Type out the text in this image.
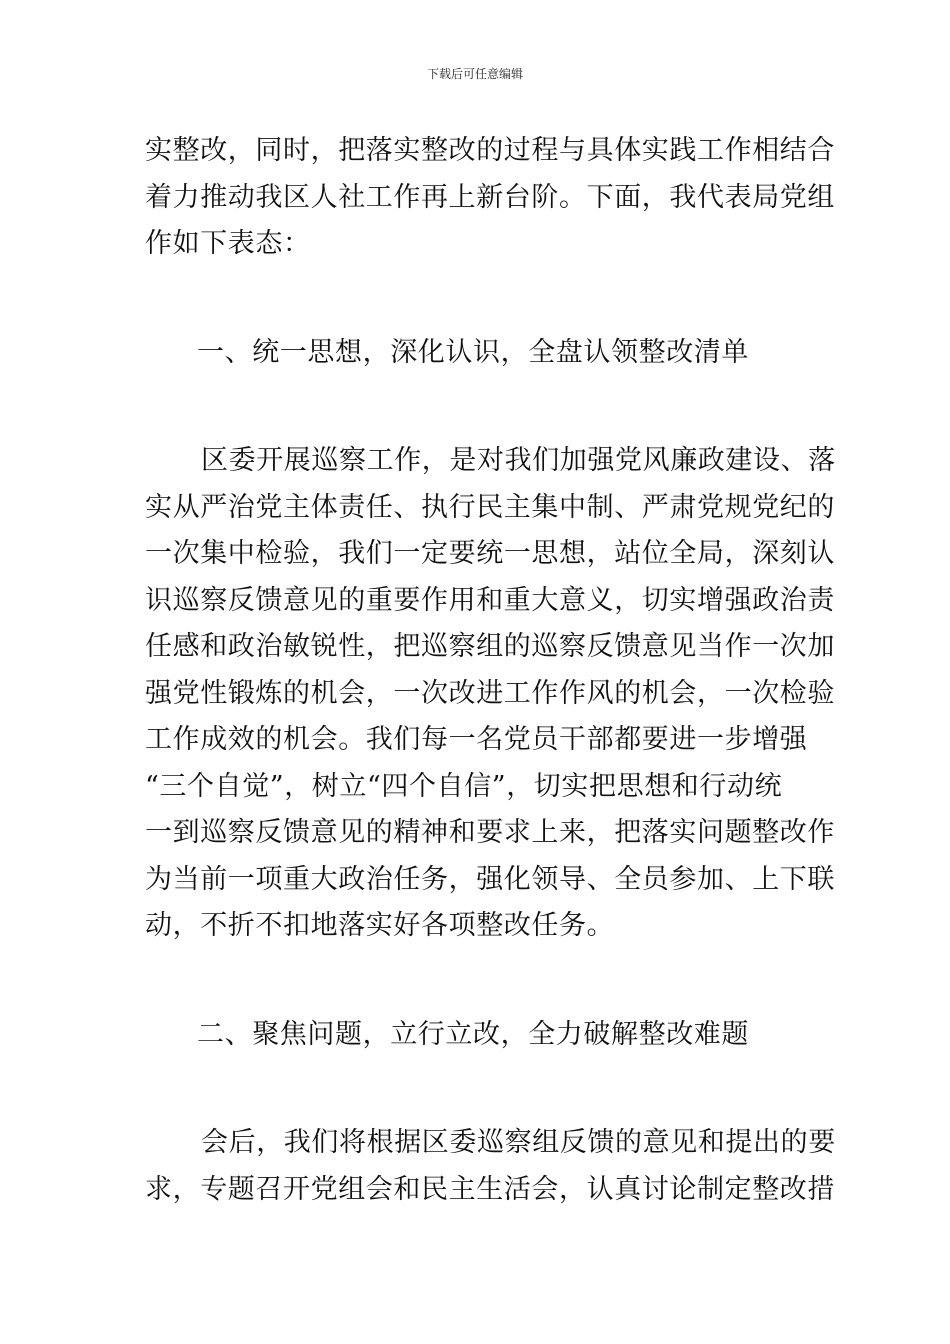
下载后可任意编辑
实整改，同时，把落实整改的过程与具体实践工作相结合
着力推动我区人社工作再上新台阶。下面，我代表局党组
作如下表态：
一、统一思想，深化认识，全盘认领整改清单
区委开展巡察工作，是对我们加强党风廉政建设、落
实从严治党主体责任、执行民主集中制、严肃党规党纪的
一次集中检验，我们一定要统一思想，站位全局，深刻认
识巡察反馈意见的重要作用和重大意义，切实增强政治责
任感和政治敏锐性，把巡察组的巡察反馈意见当作一次加
强党性锻炼的机会，一次改进工作作风的机会，一次检验
工作成效的机会。我们每一名党员干部都要进一步增强
“三个自觉”，树立“四个自信”，切实把思想和行动统
一到巡察反馈意见的精神和要求上来，把落实问题整改作
为当前一项重大政治任务，强化领导、全员参加、上下联
动，不折不扣地落实好各项整改任务。
二、聚焦问题，立行立改，全力破解整改难题
会后，我们将根据区委巡察组反馈的意见和提出的要
求，专题召开党组会和民主生活会，认真讨论制定整改措
